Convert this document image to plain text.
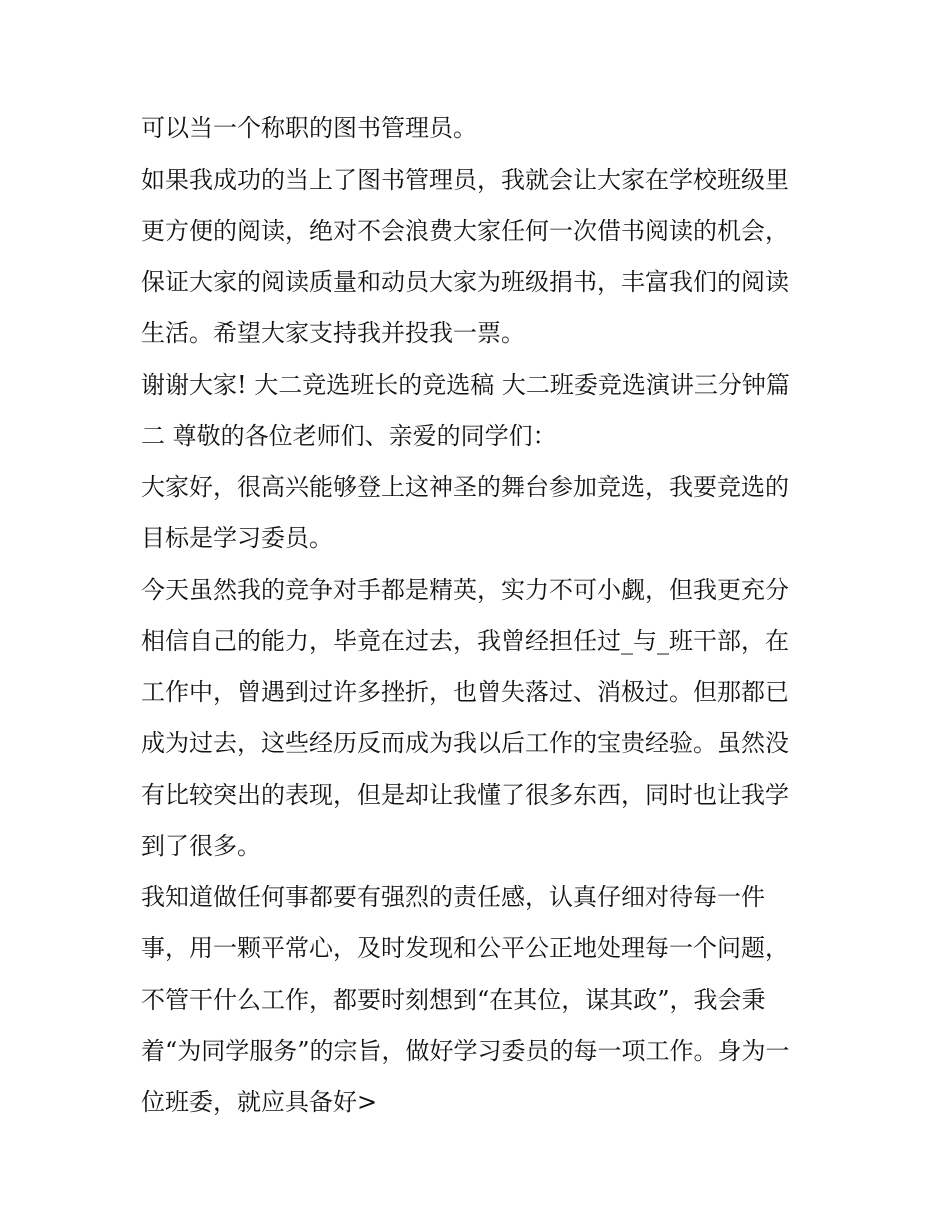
可以当一个称职的图书管理员。
如果我成功的当上了图书管理员，我就会让大家在学校班级里
更方便的阅读，绝对不会浪费大家任何一次借书阅读的机会，
保证大家的阅读质量和动员大家为班级捐书，丰富我们的阅读
生活。希望大家支持我并投我一票。
谢谢大家! 大二竞选班长的竞选稿 大二班委竞选演讲三分钟篇
二 尊敬的各位老师们、亲爱的同学们：
大家好，很高兴能够登上这神圣的舞台参加竞选，我要竞选的
目标是学习委员。
今天虽然我的竞争对手都是精英，实力不可小觑，但我更充分
相信自己的能力，毕竟在过去，我曾经担任过_与_班干部，在
工作中，曾遇到过许多挫折，也曾失落过、消极过。但那都已
成为过去，这些经历反而成为我以后工作的宝贵经验。虽然没
有比较突出的表现，但是却让我懂了很多东西，同时也让我学
到了很多。
我知道做任何事都要有强烈的责任感，认真仔细对待每一件
事，用一颗平常心，及时发现和公平公正地处理每一个问题，
不管干什么工作，都要时刻想到“在其位，谋其政”，我会秉
着“为同学服务”的宗旨，做好学习委员的每一项工作。身为一
位班委，就应具备好>
